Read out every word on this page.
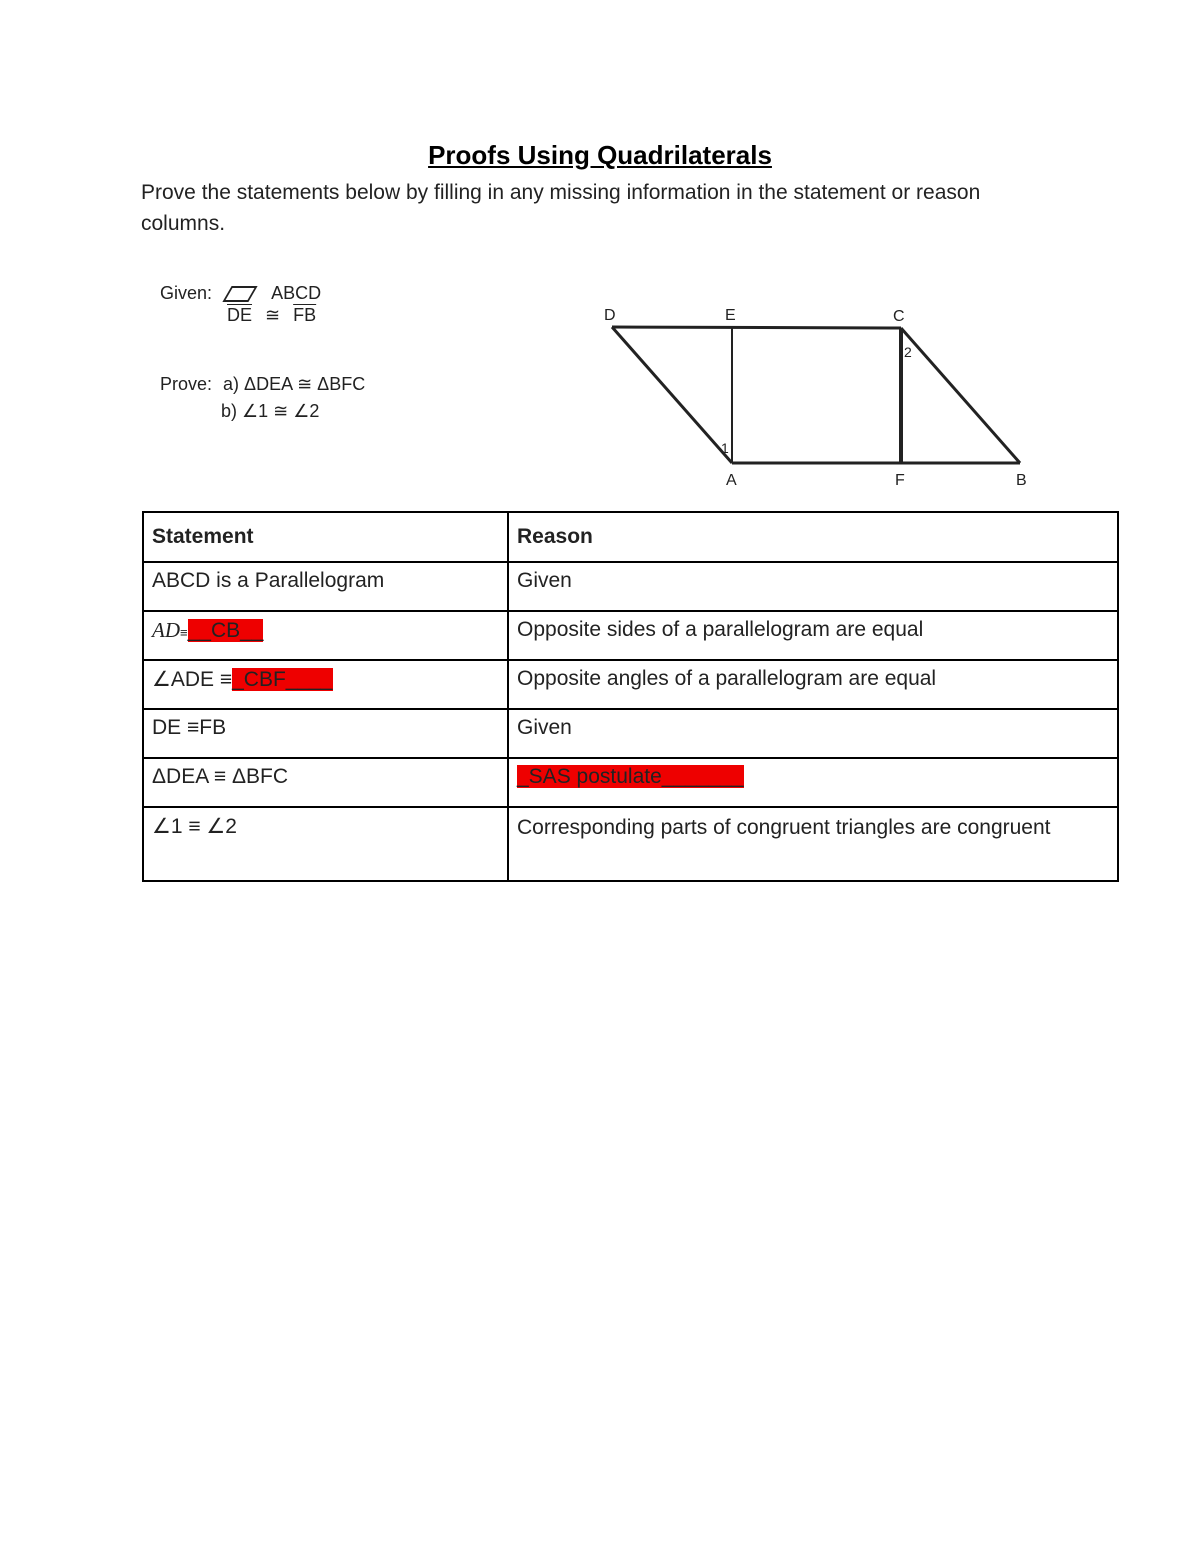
Proofs Using Quadrilaterals
Prove the statements below by filling in any missing information in the statement or reason columns.
Given:	ABCD
$\overline{DE}$ ≅ $\overline{FB}$
Prove: a) ΔDEA ≅ ΔBFC
b) ∠1 ≅ ∠2
D	E	C
A	F	B
1
2
Statement	Reason
ABCD is a Parallelogram	Given
AD≡__CB__	Opposite sides of a parallelogram are equal
∠ADE ≡_CBF____	Opposite angles of a parallelogram are equal
DE ≡FB	Given
ΔDEA ≡ ΔBFC	_SAS postulate_______
∠1 ≡ ∠2	Corresponding parts of congruent triangles are congruent
